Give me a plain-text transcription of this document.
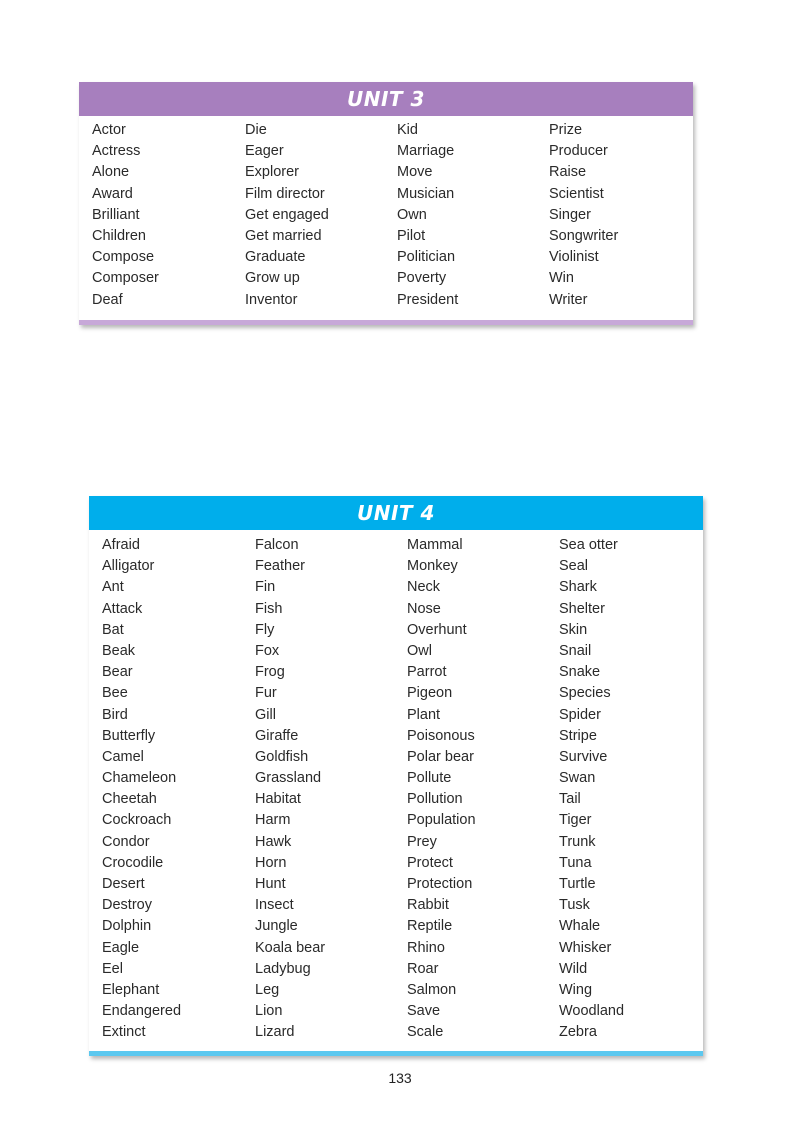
UNIT 3
Actor
Actress
Alone
Award
Brilliant
Children
Compose
Composer
Deaf
Die
Eager
Explorer
Film director
Get engaged
Get married
Graduate
Grow up
Inventor
Kid
Marriage
Move
Musician
Own
Pilot
Politician
Poverty
President
Prize
Producer
Raise
Scientist
Singer
Songwriter
Violinist
Win
Writer
UNIT 4
Afraid
Alligator
Ant
Attack
Bat
Beak
Bear
Bee
Bird
Butterfly
Camel
Chameleon
Cheetah
Cockroach
Condor
Crocodile
Desert
Destroy
Dolphin
Eagle
Eel
Elephant
Endangered
Extinct
Falcon
Feather
Fin
Fish
Fly
Fox
Frog
Fur
Gill
Giraffe
Goldfish
Grassland
Habitat
Harm
Hawk
Horn
Hunt
Insect
Jungle
Koala bear
Ladybug
Leg
Lion
Lizard
Mammal
Monkey
Neck
Nose
Overhunt
Owl
Parrot
Pigeon
Plant
Poisonous
Polar bear
Pollute
Pollution
Population
Prey
Protect
Protection
Rabbit
Reptile
Rhino
Roar
Salmon
Save
Scale
Sea otter
Seal
Shark
Shelter
Skin
Snail
Snake
Species
Spider
Stripe
Survive
Swan
Tail
Tiger
Trunk
Tuna
Turtle
Tusk
Whale
Whisker
Wild
Wing
Woodland
Zebra
133
